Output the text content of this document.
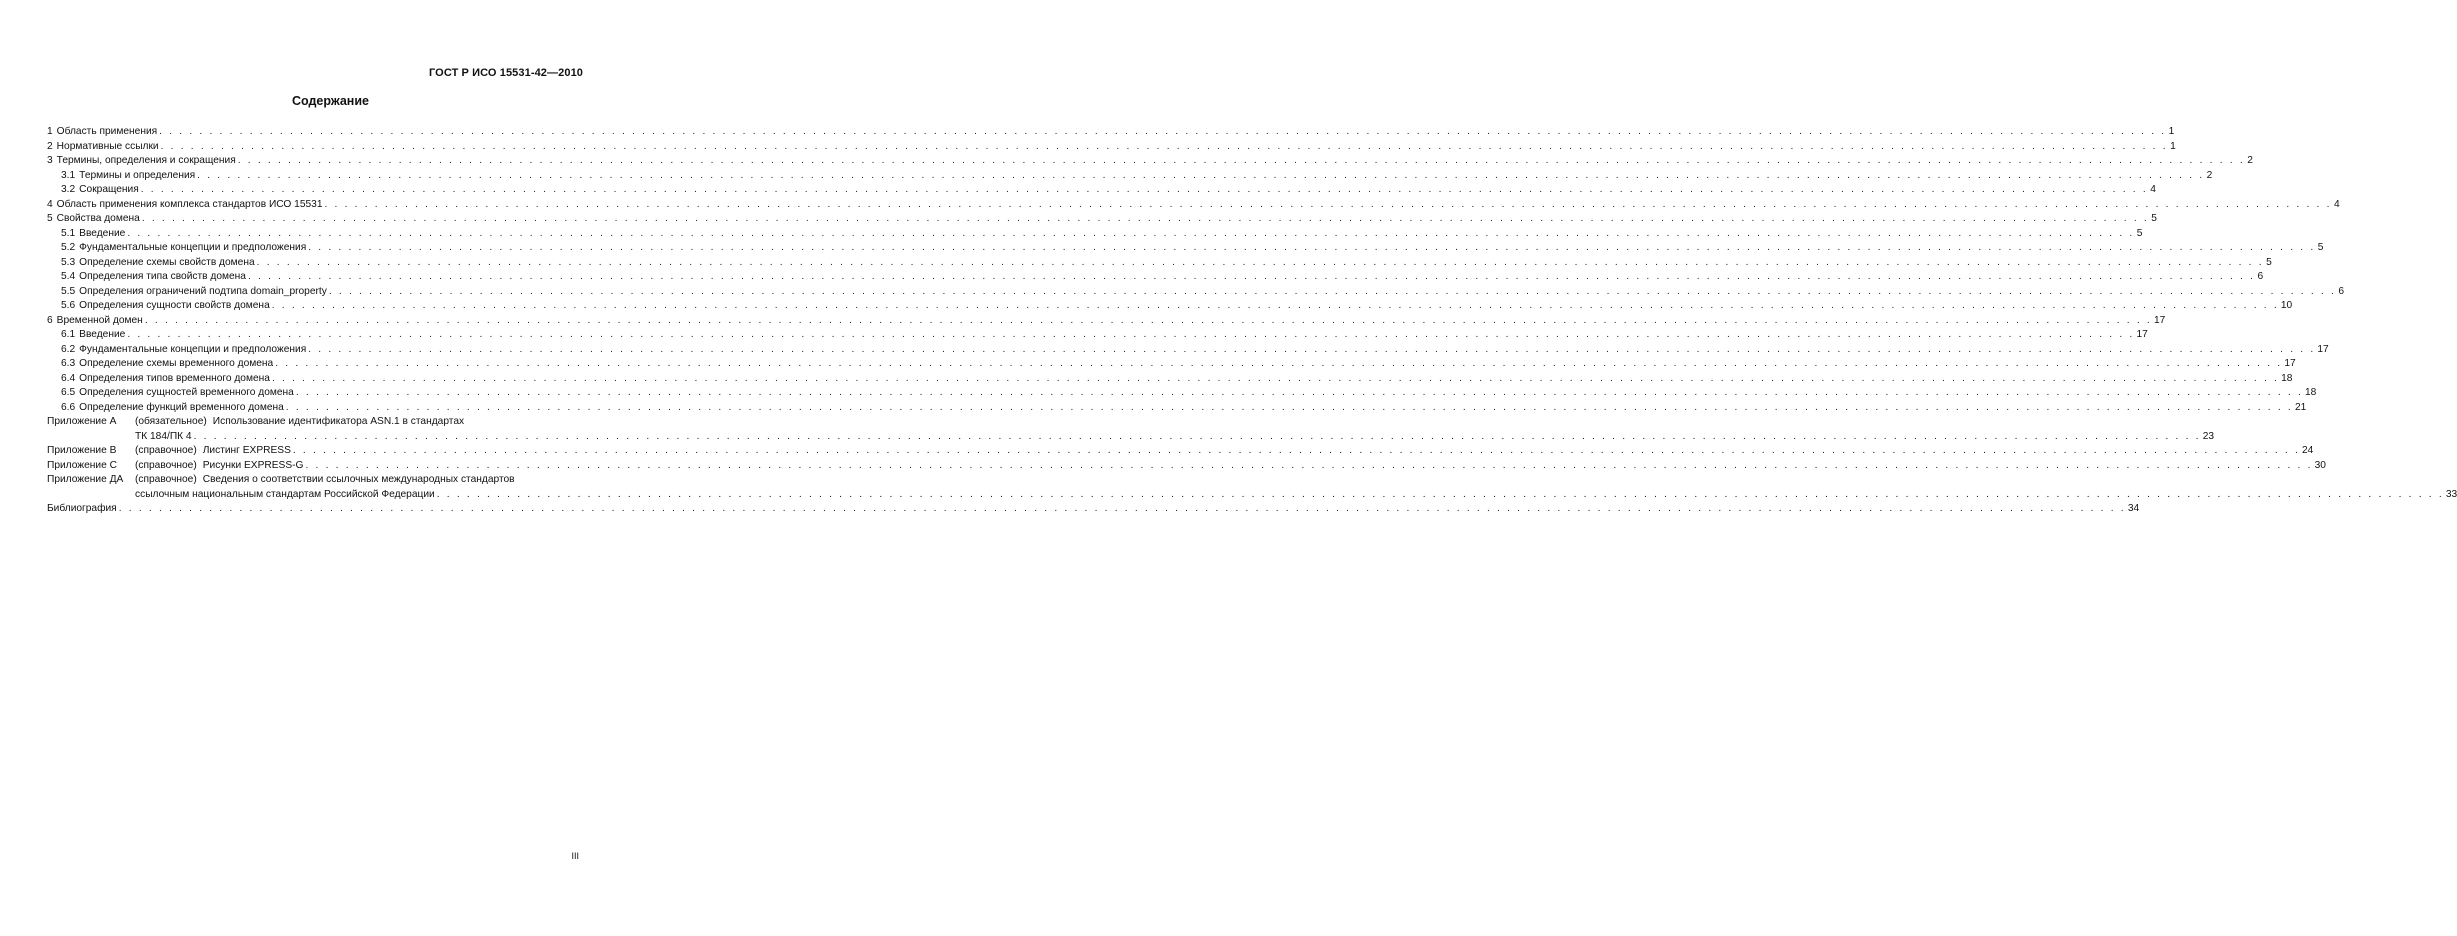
ГОСТ Р ИСО 15531-42—2010
Содержание
1 Область применения . . . . . . . . . . . . . . . . . . . . . . . . . . . . . . . . . . . . . . . . . . . . . . . . . . . . . . . . . . . . . . . . . . . . . . . . . . . . . . . . . . . . . . . . . . . . . . . . . . . . . . . . . . . . . . . . . . . . . . . . . . . . . . . . . . . . . . . . . . . . . . . . . . . . . . . . . . . . . . . . . . . . . . . . . . . . . . . . . . . . . . . . . . . . . . . . . . . . . . . . 1
2 Нормативные ссылки . . . . . . . . . . . . . . . . . . . . . . . . . . . . . . . . . . . . . . . . . . . . . . . . . . . . . . . . . . . . . . . . . . . . . . . . . . . . . . . . . . . . . . . . . . . . . . . . . . . . . . . . . . . . . . . . . . . . . . . . . . . . . . . . . . . . . . . . . . . . . . . . . . . . . . . . . . . . . . . . . . . . . . . . . . . . . . . . . . . . . . . . . . . . . . . . . . . . . . . . 1
3 Термины, определения и сокращения . . . . . . . . . . . . . . . . . . . . . . . . . . . . . . . . . . . . . . . . . . . . . . . . . . . . . . . . . . . . . . . . . . . . . . . . . . . . . . . . . . . . . . . . . . . . . . . . . . . . . . . . . . . . . . . . . . . . . . . . . . . . . . . . . . . . . . . . . . . . . . . . . . . . . . . . . . . . . . . . . . . . . . . . . . . . . . . . . . . . . . . . . . . . . . . . . . . . . . . . 2
3.1 Термины и определения . . . . . . . . . . . . . . . . . . . . . . . . . . . . . . . . . . . . . . . . . . . . . . . . . . . . . . . . . . . . . . . . . . . . . . . . . . . . . . . . . . . . . . . . . . . . . . . . . . . . . . . . . . . . . . . . . . . . . . . . . . . . . . . . . . . . . . . . . . . . . . . . . . . . . . . . . . . . . . . . . . . . . . . . . . . . . . . . . . . . . . . . . . . . . . . . . . . . . . . . 2
3.2 Сокращения . . . . . . . . . . . . . . . . . . . . . . . . . . . . . . . . . . . . . . . . . . . . . . . . . . . . . . . . . . . . . . . . . . . . . . . . . . . . . . . . . . . . . . . . . . . . . . . . . . . . . . . . . . . . . . . . . . . . . . . . . . . . . . . . . . . . . . . . . . . . . . . . . . . . . . . . . . . . . . . . . . . . . . . . . . . . . . . . . . . . . . . . . . . . . . . . . . . . . . . . 4
4 Область применения комплекса стандартов ИСО 15531 . . . . . . . . . . . . . . . . . . . . . . . . . . . . . . . . . . . . . . . . . . . . . . . . . . . . . . . . . . . . . . . . . . . . . . . . . . . . . . . . . . . . . . . . . . . . . . . . . . . . . . . . . . . . . . . . . . . . . . . . . . . . . . . . . . . . . . . . . . . . . . . . . . . . . . . . . . . . . . . . . . . . . . . . . . . . . . . . . . . . . . . . . . . . . . . . . . . . . . . . 4
5 Свойства домена . . . . . . . . . . . . . . . . . . . . . . . . . . . . . . . . . . . . . . . . . . . . . . . . . . . . . . . . . . . . . . . . . . . . . . . . . . . . . . . . . . . . . . . . . . . . . . . . . . . . . . . . . . . . . . . . . . . . . . . . . . . . . . . . . . . . . . . . . . . . . . . . . . . . . . . . . . . . . . . . . . . . . . . . . . . . . . . . . . . . . . . . . . . . . . . . . . . . . . . . 5
5.1 Введение . . . . . . . . . . . . . . . . . . . . . . . . . . . . . . . . . . . . . . . . . . . . . . . . . . . . . . . . . . . . . . . . . . . . . . . . . . . . . . . . . . . . . . . . . . . . . . . . . . . . . . . . . . . . . . . . . . . . . . . . . . . . . . . . . . . . . . . . . . . . . . . . . . . . . . . . . . . . . . . . . . . . . . . . . . . . . . . . . . . . . . . . . . . . . . . . . . . . . . . . 5
5.2 Фундаментальные концепции и предположения . . . . . . . . . . . . . . . . . . . . . . . . . . . . . . . . . . . . . . . . . . . . . . . . . . . . . . . . . . . . . . . . . . . . . . . . . . . . . . . . . . . . . . . . . . . . . . . . . . . . . . . . . . . . . . . . . . . . . . . . . . . . . . . . . . . . . . . . . . . . . . . . . . . . . . . . . . . . . . . . . . . . . . . . . . . . . . . . . . . . . . . . . . . . . . . . . . . . . . . . 5
5.3 Определение схемы свойств домена . . . . . . . . . . . . . . . . . . . . . . . . . . . . . . . . . . . . . . . . . . . . . . . . . . . . . . . . . . . . . . . . . . . . . . . . . . . . . . . . . . . . . . . . . . . . . . . . . . . . . . . . . . . . . . . . . . . . . . . . . . . . . . . . . . . . . . . . . . . . . . . . . . . . . . . . . . . . . . . . . . . . . . . . . . . . . . . . . . . . . . . . . . . . . . . . . . . . . . . . 5
5.4 Определения типа свойств домена . . . . . . . . . . . . . . . . . . . . . . . . . . . . . . . . . . . . . . . . . . . . . . . . . . . . . . . . . . . . . . . . . . . . . . . . . . . . . . . . . . . . . . . . . . . . . . . . . . . . . . . . . . . . . . . . . . . . . . . . . . . . . . . . . . . . . . . . . . . . . . . . . . . . . . . . . . . . . . . . . . . . . . . . . . . . . . . . . . . . . . . . . . . . . . . . . . . . . . . . 6
5.5 Определения ограничений подтипа domain_property . . . . . . . . . . . . . . . . . . . . . . . . . . . . . . . . . . . . . . . . . . . . . . . . . . . . . . . . . . . . . . . . . . . . . . . . . . . . . . . . . . . . . . . . . . . . . . . . . . . . . . . . . . . . . . . . . . . . . . . . . . . . . . . . . . . . . . . . . . . . . . . . . . . . . . . . . . . . . . . . . . . . . . . . . . . . . . . . . . . . . . . . . . . . . . . . . . . . . . . . 6
5.6 Определения сущности свойств домена . . . . . . . . . . . . . . . . . . . . . . . . . . . . . . . . . . . . . . . . . . . . . . . . . . . . . . . . . . . . . . . . . . . . . . . . . . . . . . . . . . . . . . . . . . . . . . . . . . . . . . . . . . . . . . . . . . . . . . . . . . . . . . . . . . . . . . . . . . . . . . . . . . . . . . . . . . . . . . . . . . . . . . . . . . . . . . . . . . . . . . . . . . . . . . . . . . . . . . . . 10
6 Временной домен . . . . . . . . . . . . . . . . . . . . . . . . . . . . . . . . . . . . . . . . . . . . . . . . . . . . . . . . . . . . . . . . . . . . . . . . . . . . . . . . . . . . . . . . . . . . . . . . . . . . . . . . . . . . . . . . . . . . . . . . . . . . . . . . . . . . . . . . . . . . . . . . . . . . . . . . . . . . . . . . . . . . . . . . . . . . . . . . . . . . . . . . . . . . . . . . . . . . . . . . 17
6.1 Введение . . . . . . . . . . . . . . . . . . . . . . . . . . . . . . . . . . . . . . . . . . . . . . . . . . . . . . . . . . . . . . . . . . . . . . . . . . . . . . . . . . . . . . . . . . . . . . . . . . . . . . . . . . . . . . . . . . . . . . . . . . . . . . . . . . . . . . . . . . . . . . . . . . . . . . . . . . . . . . . . . . . . . . . . . . . . . . . . . . . . . . . . . . . . . . . . . . . . . . . . 17
6.2 Фундаментальные концепции и предположения . . . . . . . . . . . . . . . . . . . . . . . . . . . . . . . . . . . . . . . . . . . . . . . . . . . . . . . . . . . . . . . . . . . . . . . . . . . . . . . . . . . . . . . . . . . . . . . . . . . . . . . . . . . . . . . . . . . . . . . . . . . . . . . . . . . . . . . . . . . . . . . . . . . . . . . . . . . . . . . . . . . . . . . . . . . . . . . . . . . . . . . . . . . . . . . . . . . . . . . . 17
6.3 Определение схемы временного домена . . . . . . . . . . . . . . . . . . . . . . . . . . . . . . . . . . . . . . . . . . . . . . . . . . . . . . . . . . . . . . . . . . . . . . . . . . . . . . . . . . . . . . . . . . . . . . . . . . . . . . . . . . . . . . . . . . . . . . . . . . . . . . . . . . . . . . . . . . . . . . . . . . . . . . . . . . . . . . . . . . . . . . . . . . . . . . . . . . . . . . . . . . . . . . . . . . . . . . . . 17
6.4 Определения типов временного домена . . . . . . . . . . . . . . . . . . . . . . . . . . . . . . . . . . . . . . . . . . . . . . . . . . . . . . . . . . . . . . . . . . . . . . . . . . . . . . . . . . . . . . . . . . . . . . . . . . . . . . . . . . . . . . . . . . . . . . . . . . . . . . . . . . . . . . . . . . . . . . . . . . . . . . . . . . . . . . . . . . . . . . . . . . . . . . . . . . . . . . . . . . . . . . . . . . . . . . . . 18
6.5 Определения сущностей временного домена . . . . . . . . . . . . . . . . . . . . . . . . . . . . . . . . . . . . . . . . . . . . . . . . . . . . . . . . . . . . . . . . . . . . . . . . . . . . . . . . . . . . . . . . . . . . . . . . . . . . . . . . . . . . . . . . . . . . . . . . . . . . . . . . . . . . . . . . . . . . . . . . . . . . . . . . . . . . . . . . . . . . . . . . . . . . . . . . . . . . . . . . . . . . . . . . . . . . . . . . 18
6.6 Определение функций временного домена . . . . . . . . . . . . . . . . . . . . . . . . . . . . . . . . . . . . . . . . . . . . . . . . . . . . . . . . . . . . . . . . . . . . . . . . . . . . . . . . . . . . . . . . . . . . . . . . . . . . . . . . . . . . . . . . . . . . . . . . . . . . . . . . . . . . . . . . . . . . . . . . . . . . . . . . . . . . . . . . . . . . . . . . . . . . . . . . . . . . . . . . . . . . . . . . . . . . . . . . 21
Приложение А	(обязательное) Использование идентификатора ASN.1 в стандартах
ТК 184/ПК 4 . . . . . . . . . . . . . . . . . . . . . . . . . . . . . . . . . . . . . . . . . . . . . . . . . . . . . . . . . . . . . . . . . . . . . . . . . . . . . . . . . . . . . . . . . . . . . . . . . . . . . . . . . . . . . . . . . . . . . . . . . . . . . . . . . . . . . . . . . . . . . . . . . . . . . . . . . . . . . . . . . . . . . . . . . . . . . . . . . . . . . . . . . . . . . . . . . . . . . . . . 23
Приложение В	(справочное) Листинг EXPRESS . . . . . . . . . . . . . . . . . . . . . . . . . . . . . . . . . . . . . . . . . . . . . . . . . . . . . . . . . . . . . . . . . . . . . . . . . . . . . . . . . . . . . . . . . . . . . . . . . . . . . . . . . . . . . . . . . . . . . . . . . . . . . . . . . . . . . . . . . . . . . . . . . . . . . . . . . . . . . . . . . . . . . . . . . . . . . . . . . . . . . . . . . . . . . . . . . . . . . . . . 24
Приложение С	(справочное) Рисунки EXPRESS-G . . . . . . . . . . . . . . . . . . . . . . . . . . . . . . . . . . . . . . . . . . . . . . . . . . . . . . . . . . . . . . . . . . . . . . . . . . . . . . . . . . . . . . . . . . . . . . . . . . . . . . . . . . . . . . . . . . . . . . . . . . . . . . . . . . . . . . . . . . . . . . . . . . . . . . . . . . . . . . . . . . . . . . . . . . . . . . . . . . . . . . . . . . . . . . . . . . . . . . . . 30
Приложение ДА	(справочное) Сведения о соответствии ссылочных международных стандартов
ссылочным национальным стандартам Российской Федерации . . . . . . . . . . . . . . . . . . . . . . . . . . . . . . . . . . . . . . . . . . . . . . . . . . . . . . . . . . . . . . . . . . . . . . . . . . . . . . . . . . . . . . . . . . . . . . . . . . . . . . . . . . . . . . . . . . . . . . . . . . . . . . . . . . . . . . . . . . . . . . . . . . . . . . . . . . . . . . . . . . . . . . . . . . . . . . . . . . . . . . . . . . . . . . . . . . . . . . . . 33
Библиография . . . . . . . . . . . . . . . . . . . . . . . . . . . . . . . . . . . . . . . . . . . . . . . . . . . . . . . . . . . . . . . . . . . . . . . . . . . . . . . . . . . . . . . . . . . . . . . . . . . . . . . . . . . . . . . . . . . . . . . . . . . . . . . . . . . . . . . . . . . . . . . . . . . . . . . . . . . . . . . . . . . . . . . . . . . . . . . . . . . . . . . . . . . . . . . . . . . . . . . . 34
III
